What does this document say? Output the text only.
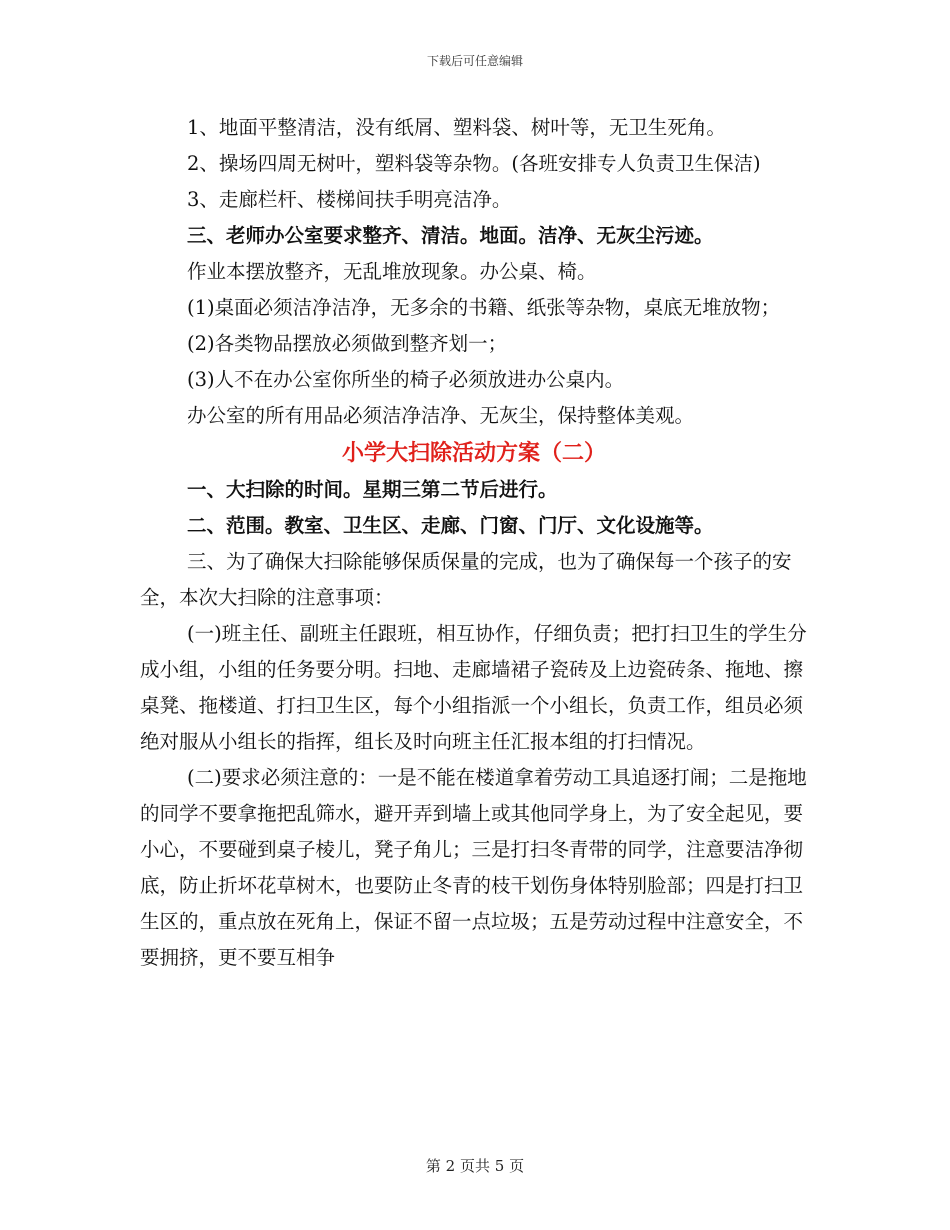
下载后可任意编辑

1、地面平整清洁，没有纸屑、塑料袋、树叶等，无卫生死角。

2、操场四周无树叶，塑料袋等杂物。(各班安排专人负责卫生保洁)

3、走廊栏杆、楼梯间扶手明亮洁净。

三、老师办公室要求整齐、清洁。地面。洁净、无灰尘污迹。

作业本摆放整齐，无乱堆放现象。办公桌、椅。

(1)桌面必须洁净洁净，无多余的书籍、纸张等杂物，桌底无堆放物；

(2)各类物品摆放必须做到整齐划一；

(3)人不在办公室你所坐的椅子必须放进办公桌内。

办公室的所有用品必须洁净洁净、无灰尘，保持整体美观。

小学大扫除活动方案（二）

一、大扫除的时间。星期三第二节后进行。

二、范围。教室、卫生区、走廊、门窗、门厅、文化设施等。

三、为了确保大扫除能够保质保量的完成，也为了确保每一个孩子的安全，本次大扫除的注意事项：

(一)班主任、副班主任跟班，相互协作，仔细负责；把打扫卫生的学生分成小组，小组的任务要分明。扫地、走廊墙裙子瓷砖及上边瓷砖条、拖地、擦桌凳、拖楼道、打扫卫生区，每个小组指派一个小组长，负责工作，组员必须绝对服从小组长的指挥，组长及时向班主任汇报本组的打扫情况。

(二)要求必须注意的：一是不能在楼道拿着劳动工具追逐打闹；二是拖地的同学不要拿拖把乱筛水，避开弄到墙上或其他同学身上，为了安全起见，要小心，不要碰到桌子棱儿，凳子角儿；三是打扫冬青带的同学，注意要洁净彻底，防止折坏花草树木，也要防止冬青的枝干划伤身体特别脸部；四是打扫卫生区的，重点放在死角上，保证不留一点垃圾；五是劳动过程中注意安全，不要拥挤，更不要互相争

第 2 页共 5 页
